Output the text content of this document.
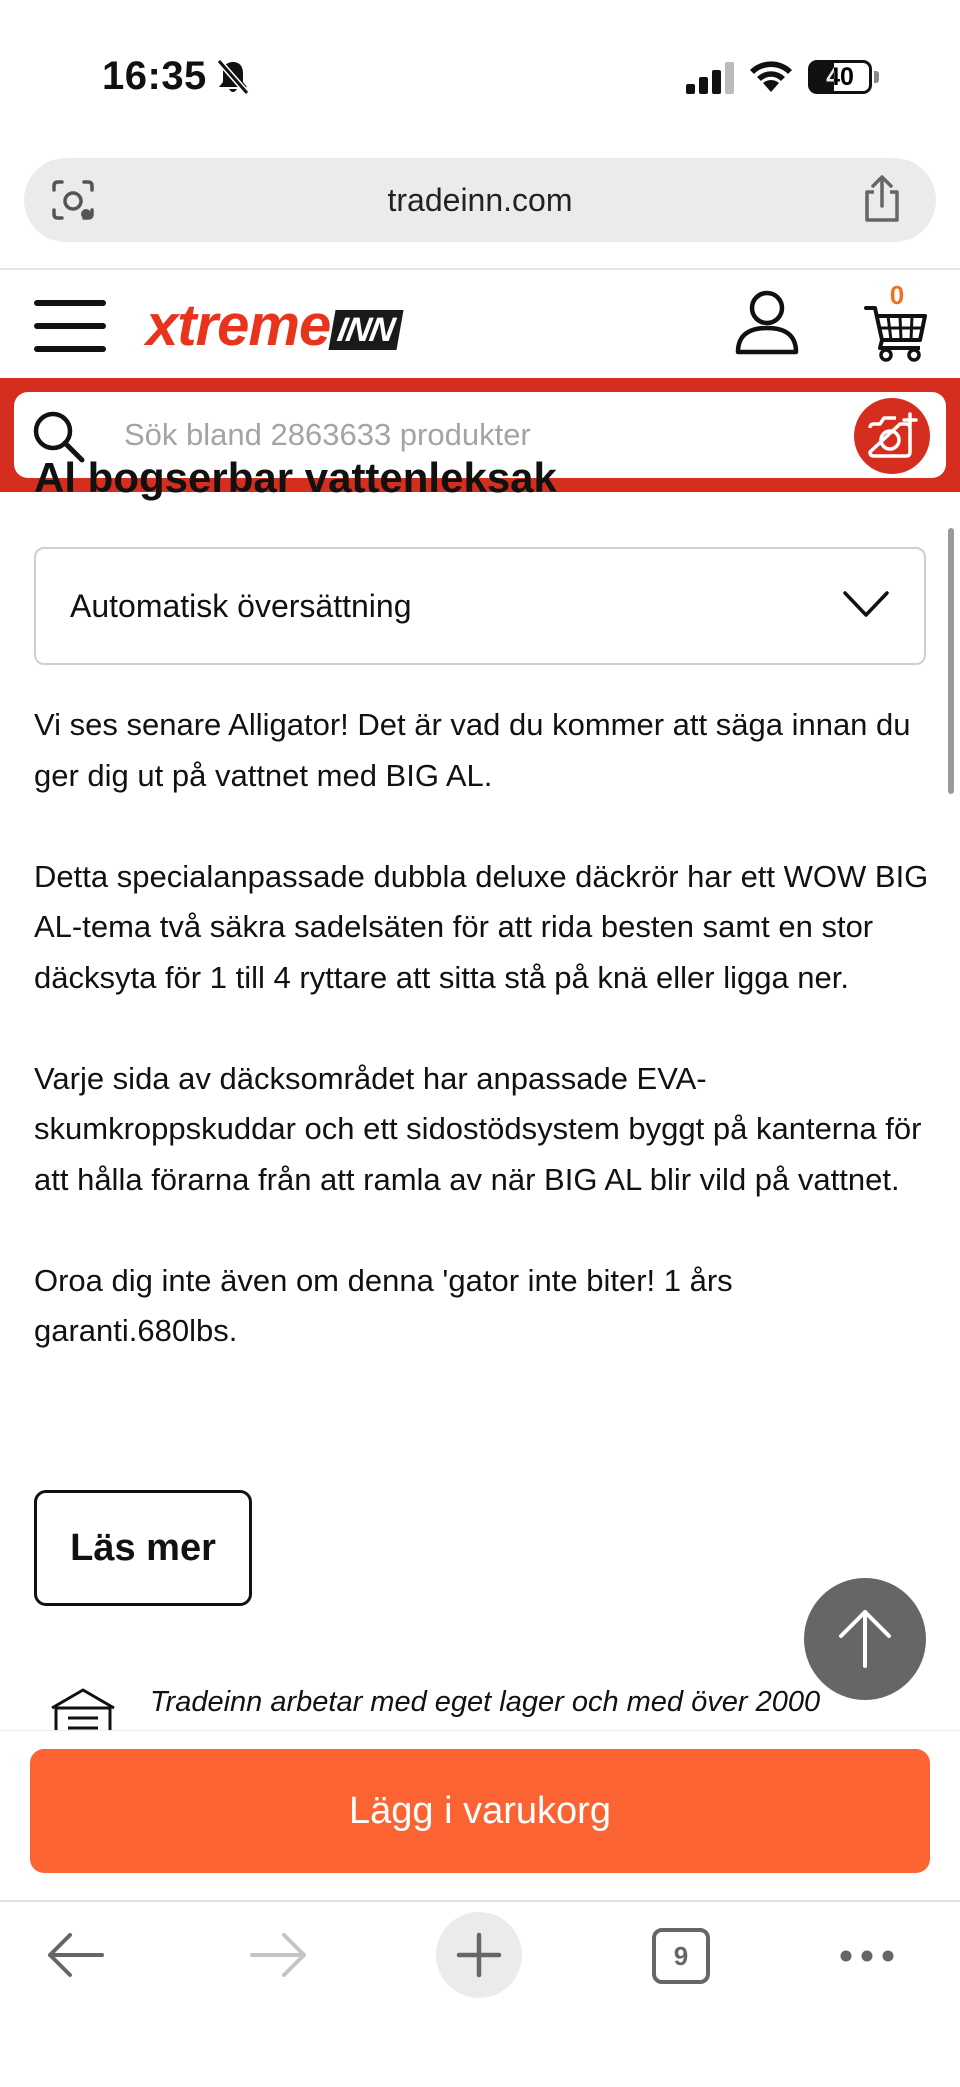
16:35	40
tradeinn.com
xtreme INN
0
Sök bland 2863633 produkter
Al bogserbar vattenleksak
Automatisk översättning

Vi ses senare Alligator! Det är vad du kommer att säga innan du ger dig ut på vattnet med BIG AL.

Detta specialanpassade dubbla deluxe däckrör har ett WOW BIG AL-tema två säkra sadelsäten för att rida besten samt en stor däcksyta för 1 till 4 ryttare att sitta stå på knä eller ligga ner.

Varje sida av däcksområdet har anpassade EVA-skumkroppskuddar och ett sidostödsystem byggt på kanterna för att hålla förarna från att ramla av när BIG AL blir vild på vattnet.

Oroa dig inte även om denna 'gator inte biter! 1 års garanti.680lbs.

Läs mer
Tradeinn arbetar med eget lager och med över 2000
Lägg i varukorg
9
